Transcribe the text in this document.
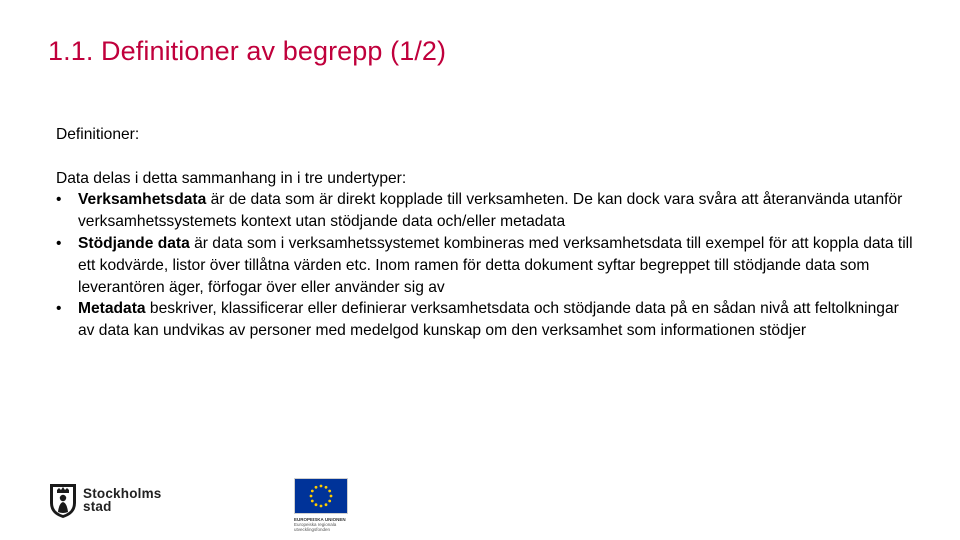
1.1. Definitioner av begrepp (1/2)

Definitioner:

Data delas i detta sammanhang in i tre undertyper:

• Verksamhetsdata är de data som är direkt kopplade till verksamheten. De kan dock vara svåra att återanvända utanför verksamhetssystemets kontext utan stödjande data och/eller metadata
• Stödjande data är data som i verksamhetssystemet kombineras med verksamhetsdata till exempel för att koppla data till ett kodvärde, listor över tillåtna värden etc. Inom ramen för detta dokument syftar begreppet till stödjande data som leverantören äger, förfogar över eller använder sig av
• Metadata beskriver, klassificerar eller definierar verksamhetsdata och stödjande data på en sådan nivå att feltolkningar av data kan undvikas av personer med medelgod kunskap om den verksamhet som informationen stödjer
Stockholms
stad
EUROPEISKA UNIONEN
Europeiska regionala
utvecklingsfonden
